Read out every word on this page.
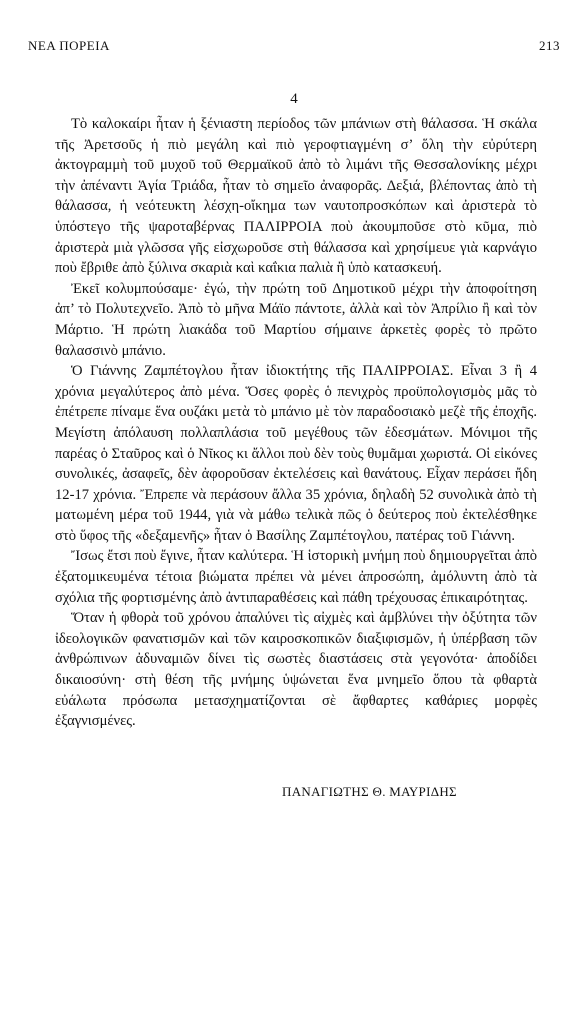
ΝΕΑ ΠΟΡΕΙΑ	213
4

Τὸ καλοκαίρι ἦταν ἡ ξένιαστη περίοδος τῶν μπάνιων στὴ θάλασσα. Ἡ σκάλα τῆς Ἀρετσοῦς ἡ πιὸ μεγάλη καὶ πιὸ γεροφτιαγμένη σ’ ὅλη τὴν εὐρύτερη ἀκτογραμμὴ τοῦ μυχοῦ τοῦ Θερμαϊκοῦ ἀπὸ τὸ λιμάνι τῆς Θεσσαλονίκης μέχρι τὴν ἀπέναντι Ἁγία Τριάδα, ἦταν τὸ σημεῖο ἀναφορᾶς. Δεξιά, βλέποντας ἀπὸ τὴ θάλασσα, ἡ νεότευκτη λέσχη-οἴκημα των ναυτοπροσκόπων καὶ ἀριστερὰ τὸ ὑπόστεγο τῆς ψαροταβέρνας ΠΑΛΙΡΡΟΙΑ ποὺ ἀκουμποῦσε στὸ κῦμα, πιὸ ἀριστερὰ μιὰ γλῶσσα γῆς εἰσχωροῦσε στὴ θάλασσα καὶ χρησίμευε γιὰ καρνάγιο ποὺ ἔβριθε ἀπὸ ξύλινα σκαριὰ καὶ καΐκια παλιὰ ἢ ὑπὸ κατασκευή.

Ἐκεῖ κολυμπούσαμε· ἐγώ, τὴν πρώτη τοῦ Δημοτικοῦ μέχρι τὴν ἀποφοίτηση ἀπ’ τὸ Πολυτεχνεῖο. Ἀπὸ τὸ μῆνα Μάϊο πάντοτε, ἀλλὰ καὶ τὸν Ἀπρίλιο ἢ καὶ τὸν Μάρτιο. Ἡ πρώτη λιακάδα τοῦ Μαρτίου σήμαινε ἀρκετὲς φορὲς τὸ πρῶτο θαλασσινὸ μπάνιο.

Ὁ Γιάννης Ζαμπέτογλου ἦταν ἰδιοκτήτης τῆς ΠΑΛΙΡΡΟΙΑΣ. Εἶναι 3 ἢ 4 χρόνια μεγαλύτερος ἀπὸ μένα. Ὅσες φορὲς ὁ πενιχρὸς προϋπολογισμὸς μᾶς τὸ ἐπέτρεπε πίναμε ἕνα ουζάκι μετὰ τὸ μπάνιο μὲ τὸν παραδοσιακὸ μεζὲ τῆς ἐποχῆς. Μεγίστη ἀπόλαυση πολλαπλάσια τοῦ μεγέθους τῶν ἐδεσμάτων. Μόνιμοι τῆς παρέας ὁ Σταῦρος καὶ ὁ Νῖκος κι ἄλλοι ποὺ δὲν τοὺς θυμᾶμαι χωριστά. Οἱ εἰκόνες συνολικές, ἀσαφεῖς, δὲν ἀφοροῦσαν ἐκτελέσεις καὶ θανάτους. Εἶχαν περάσει ἤδη 12-17 χρόνια. Ἔπρεπε νὰ περάσουν ἄλλα 35 χρόνια, δηλαδὴ 52 συνολικὰ ἀπὸ τὴ ματωμένη μέρα τοῦ 1944, γιὰ νὰ μάθω τελικὰ πῶς ὁ δεύτερος ποὺ ἐκτελέσθηκε στὸ ὕφος τῆς «δεξαμενῆς» ἦταν ὁ Βασίλης Ζαμπέτογλου, πατέρας τοῦ Γιάννη.

Ἴσως ἔτσι ποὺ ἔγινε, ἦταν καλύτερα. Ἡ ἱστορικὴ μνήμη ποὺ δημιουργεῖται ἀπὸ ἐξατομικευμένα τέτοια βιώματα πρέπει νὰ μένει ἀπροσώπη, ἀμόλυντη ἀπὸ τὰ σχόλια τῆς φορτισμένης ἀπὸ ἀντιπαραθέσεις καὶ πάθη τρέχουσας ἐπικαιρότητας.

Ὅταν ἡ φθορὰ τοῦ χρόνου ἀπαλύνει τὶς αἰχμὲς καὶ ἀμβλύνει τὴν ὀξύτητα τῶν ἰδεολογικῶν φανατισμῶν καὶ τῶν καιροσκοπικῶν διαξιφισμῶν, ἡ ὑπέρβαση τῶν ἀνθρώπινων ἀδυναμιῶν δίνει τὶς σωστὲς διαστάσεις στὰ γεγονότα· ἀποδίδει δικαιοσύνη· στὴ θέση τῆς μνήμης ὑψώνεται ἕνα μνημεῖο ὅπου τὰ φθαρτὰ εὐάλωτα πρόσωπα μετασχηματίζονται σὲ ἄφθαρτες καθάριες μορφὲς ἐξαγνισμένες.

ΠΑΝΑΓΙΩΤΗΣ Θ. ΜΑΥΡΙΔΗΣ
